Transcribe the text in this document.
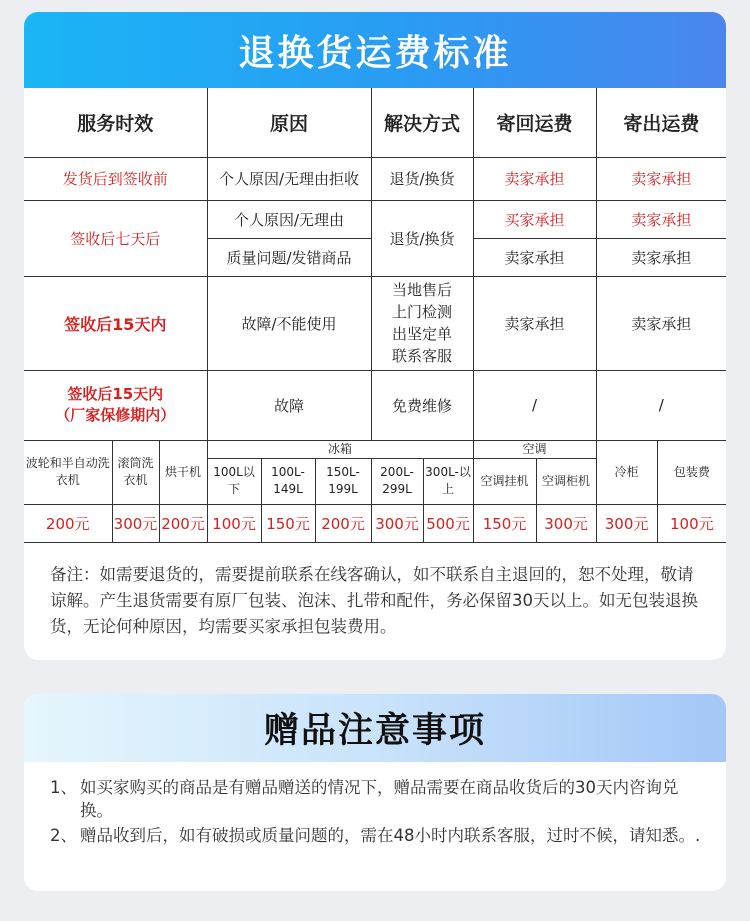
退换货运费标准
服务时效			原因			解决方式		寄回运费		寄出运费	
发货后到签收前			个人原因/无理由拒收			退货/换货		卖家承担		卖家承担	
签收后七天后			个人原因/无理由			退货/换货		买家承担		卖家承担	
			质量问题/发错商品					卖家承担		卖家承担	
签收后15天内			故障/不能使用			当地售后
上门检测
出坚定单
联系客服		卖家承担		卖家承担	

签收后15天内
（厂家保修期内）			故障			免费维修		/		/	
波轮和半自动洗衣机	滚筒洗衣机	烘干机	冰箱					空调		冷柜	包装费
			100L以下	100L-149L	150L-199L	200L-299L	300L-以上	空调挂机	空调柜机		
200元	300元	200元	100元	150元	200元	300元	500元	150元	300元	300元	100元

备注：如需要退货的，需要提前联系在线客确认，如不联系自主退回的，恕不处理，敬请谅解。产生退货需要有原厂包装、泡沫、扎带和配件，务必保留30天以上。如无包装退换货，无论何种原因，均需要买家承担包装费用。

赠品注意事项
1、 如买家购买的商品是有赠品赠送的情况下，赠品需要在商品收货后的30天内咨询兑换。
2、 赠品收到后，如有破损或质量问题的，需在48小时内联系客服，过时不候，请知悉。.
